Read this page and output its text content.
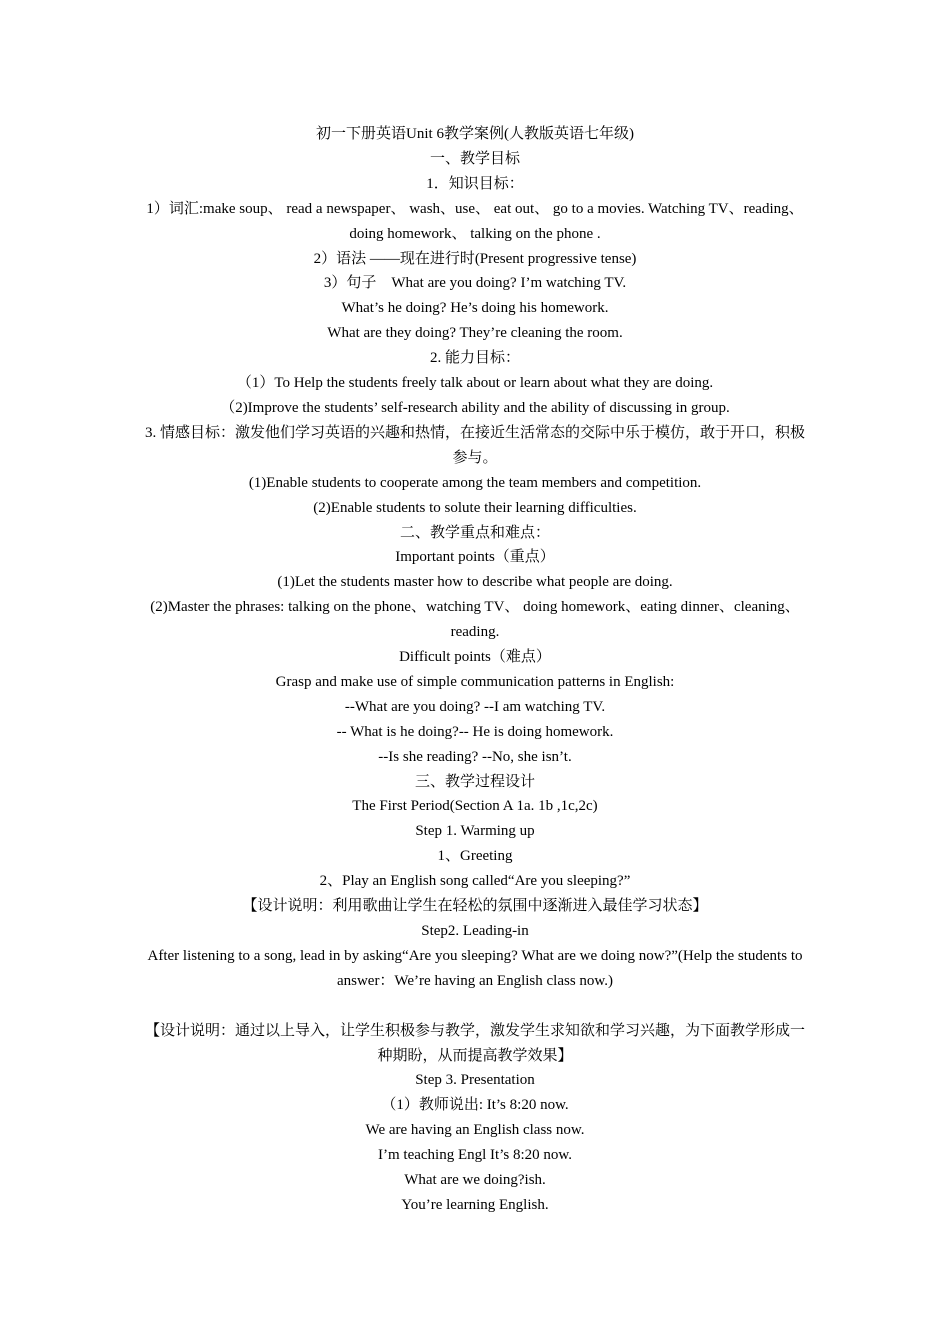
初一下册英语Unit 6教学案例(人教版英语七年级)
一、教学目标
1．知识目标：
1）词汇:make soup、 read a newspaper、 wash、use、 eat out、 go to a movies. Watching TV、reading、doing homework、 talking on the phone .
2）语法 ——现在进行时(Present progressive tense)
3）句子　What are you doing? I’m watching TV.
What’s he doing? He’s doing his homework.
What are they doing? They’re cleaning the room.
2. 能力目标：
（1）To Help the students freely talk about or learn about what they are doing.
（2)Improve the students’ self-research ability and the ability of discussing in group.
3. 情感目标：激发他们学习英语的兴趣和热情，在接近生活常态的交际中乐于模仿，敢于开口，积极参与。
(1)Enable students to cooperate among the team members and competition.
(2)Enable students to solute their learning difficulties.
二、教学重点和难点：
Important points（重点）
(1)Let the students master how to describe what people are doing.
(2)Master the phrases: talking on the phone、watching TV、 doing homework、eating dinner、cleaning、 reading.
Difficult points（难点）
Grasp and make use of simple communication patterns in English:
--What are you doing? --I am watching TV.
-- What is he doing?-- He is doing homework.
--Is she reading? --No, she isn’t.
三、教学过程设计
The First Period(Section A 1a. 1b ,1c,2c)
Step 1. Warming up
1、Greeting
2、Play an English song called“Are you sleeping?”
【设计说明：利用歌曲让学生在轻松的氛围中逐渐进入最佳学习状态】
Step2. Leading-in
After listening to a song, lead in by asking“Are you sleeping? What are we doing now?”(Help the students to answer：We’re having an English class now.)
【设计说明：通过以上导入，让学生积极参与教学，激发学生求知欲和学习兴趣，为下面教学形成一种期盼，从而提高教学效果】
Step 3. Presentation
（1）教师说出: It’s 8:20 now.
We are having an English class now.
I’m teaching Engl It’s 8:20 now.
What are we doing?ish.
You’re learning English.
